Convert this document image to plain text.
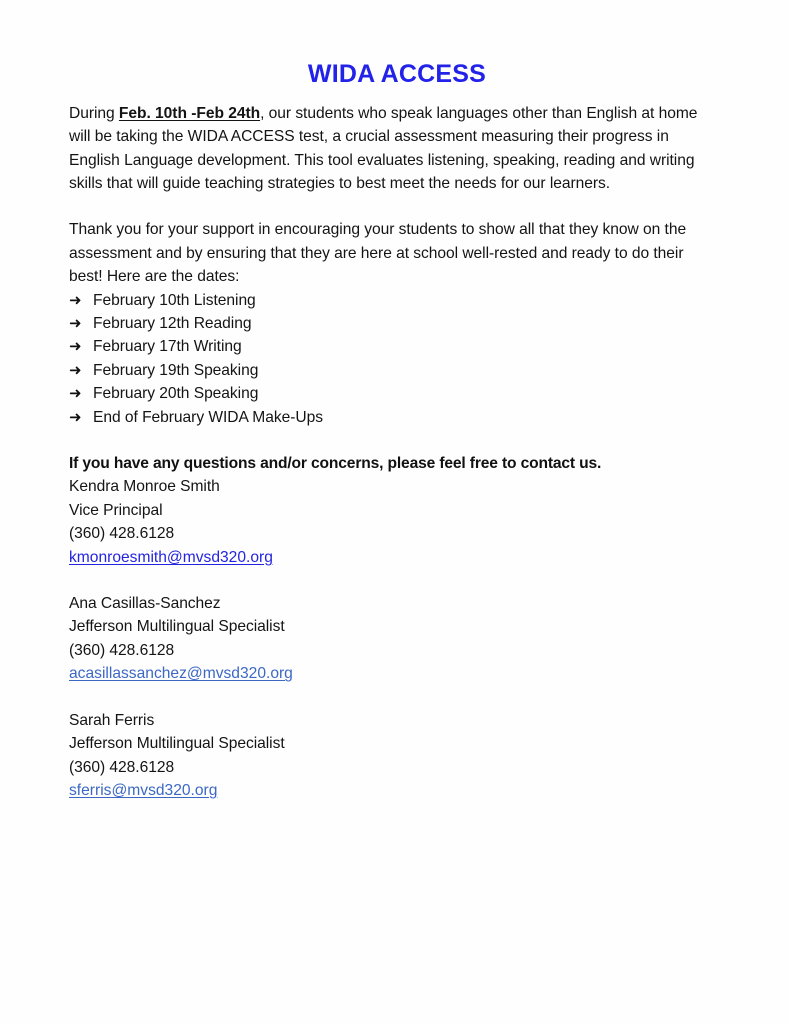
WIDA ACCESS

During Feb. 10th -Feb 24th, our students who speak languages other than English at home will be taking the WIDA ACCESS test, a crucial assessment measuring their progress in English Language development. This tool evaluates listening, speaking, reading and writing skills that will guide teaching strategies to best meet the needs for our learners.

Thank you for your support in encouraging your students to show all that they know on the assessment and by ensuring that they are here at school well-rested and ready to do their best! Here are the dates:

➜ February 10th Listening
➜ February 12th Reading
➜ February 17th Writing
➜ February 19th Speaking
➜ February 20th Speaking
➜ End of February WIDA Make-Ups

If you have any questions and/or concerns, please feel free to contact us.

Kendra Monroe Smith

Vice Principal

(360) 428.6128

kmonroesmith@mvsd320.org

Ana Casillas-Sanchez

Jefferson Multilingual Specialist

(360) 428.6128

acasillassanchez@mvsd320.org

Sarah Ferris

Jefferson Multilingual Specialist

(360) 428.6128

sferris@mvsd320.org
